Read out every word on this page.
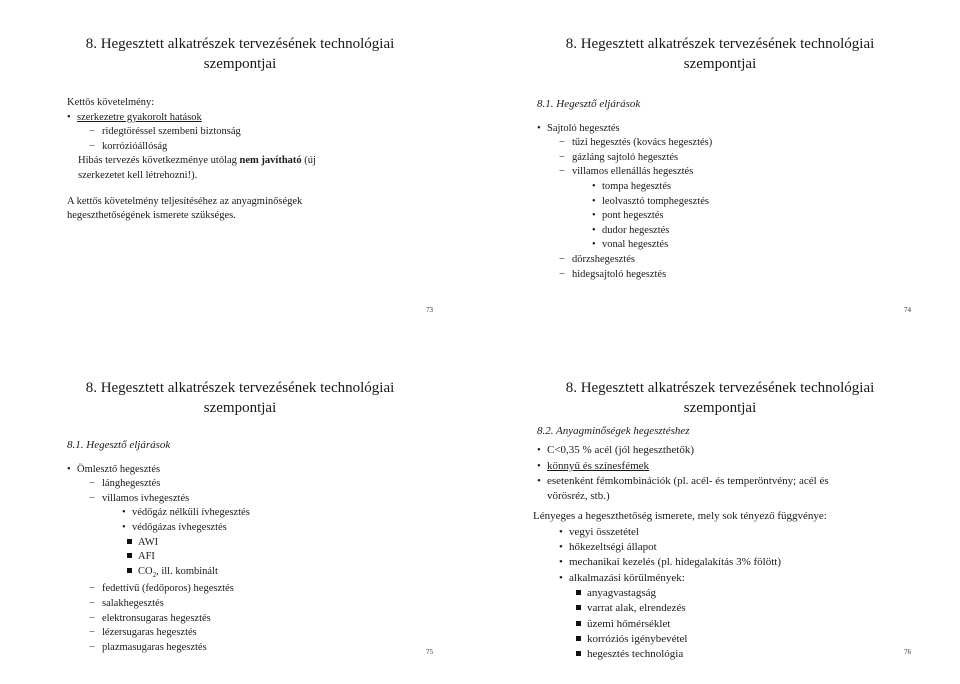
8. Hegesztett alkatrészek tervezésének technológiai
szempontjai
Kettős követelmény:
• szerkezetre gyakorolt hatások
− ridegtöréssel szembeni biztonság
− korrózióállóság
Hibás tervezés következménye utólag nem javítható (új
szerkezetet kell létrehozni!).
A kettős követelmény teljesítéséhez az anyagminőségek
hegeszthetőségének ismerete szükséges.
73
8. Hegesztett alkatrészek tervezésének technológiai
szempontjai
8.1. Hegesztő eljárások
• Sajtoló hegesztés
− tűzi hegesztés (kovács hegesztés)
− gázláng sajtoló hegesztés
− villamos ellenállás hegesztés
• tompa hegesztés
• leolvasztó tomphegesztés
• pont hegesztés
• dudor hegesztés
• vonal hegesztés
− dörzshegesztés
− hidegsajtoló hegesztés
74
8. Hegesztett alkatrészek tervezésének technológiai
szempontjai
8.1. Hegesztő eljárások
• Ömlesztő hegesztés
− lánghegesztés
− villamos ívhegesztés
• védőgáz nélküli ívhegesztés
• védőgázas ívhegesztés
AWI
AFI
$CO_2$, ill. kombinált
− fedettívű (fedőporos) hegesztés
− salakhegesztés
− elektronsugaras hegesztés
− lézersugaras hegesztés
− plazmasugaras hegesztés	75
8. Hegesztett alkatrészek tervezésének technológiai
szempontjai
8.2. Anyagminőségek hegesztéshez
• C<0,35 % acél (jól hegeszthetők)
• könnyű és színesfémek
• esetenként fémkombinációk (pl. acél- és temperöntvény; acél és
vörösréz, stb.)
Lényeges a hegeszthetőség ismerete, mely sok tényező függvénye:
• vegyi összetétel
• hőkezeltségi állapot
• mechanikai kezelés (pl. hidegalakítás 3% fölött)
• alkalmazási körülmények:
anyagvastagság
varrat alak, elrendezés
üzemi hőmérséklet
korróziós igénybevétel
hegesztés technológia	76
